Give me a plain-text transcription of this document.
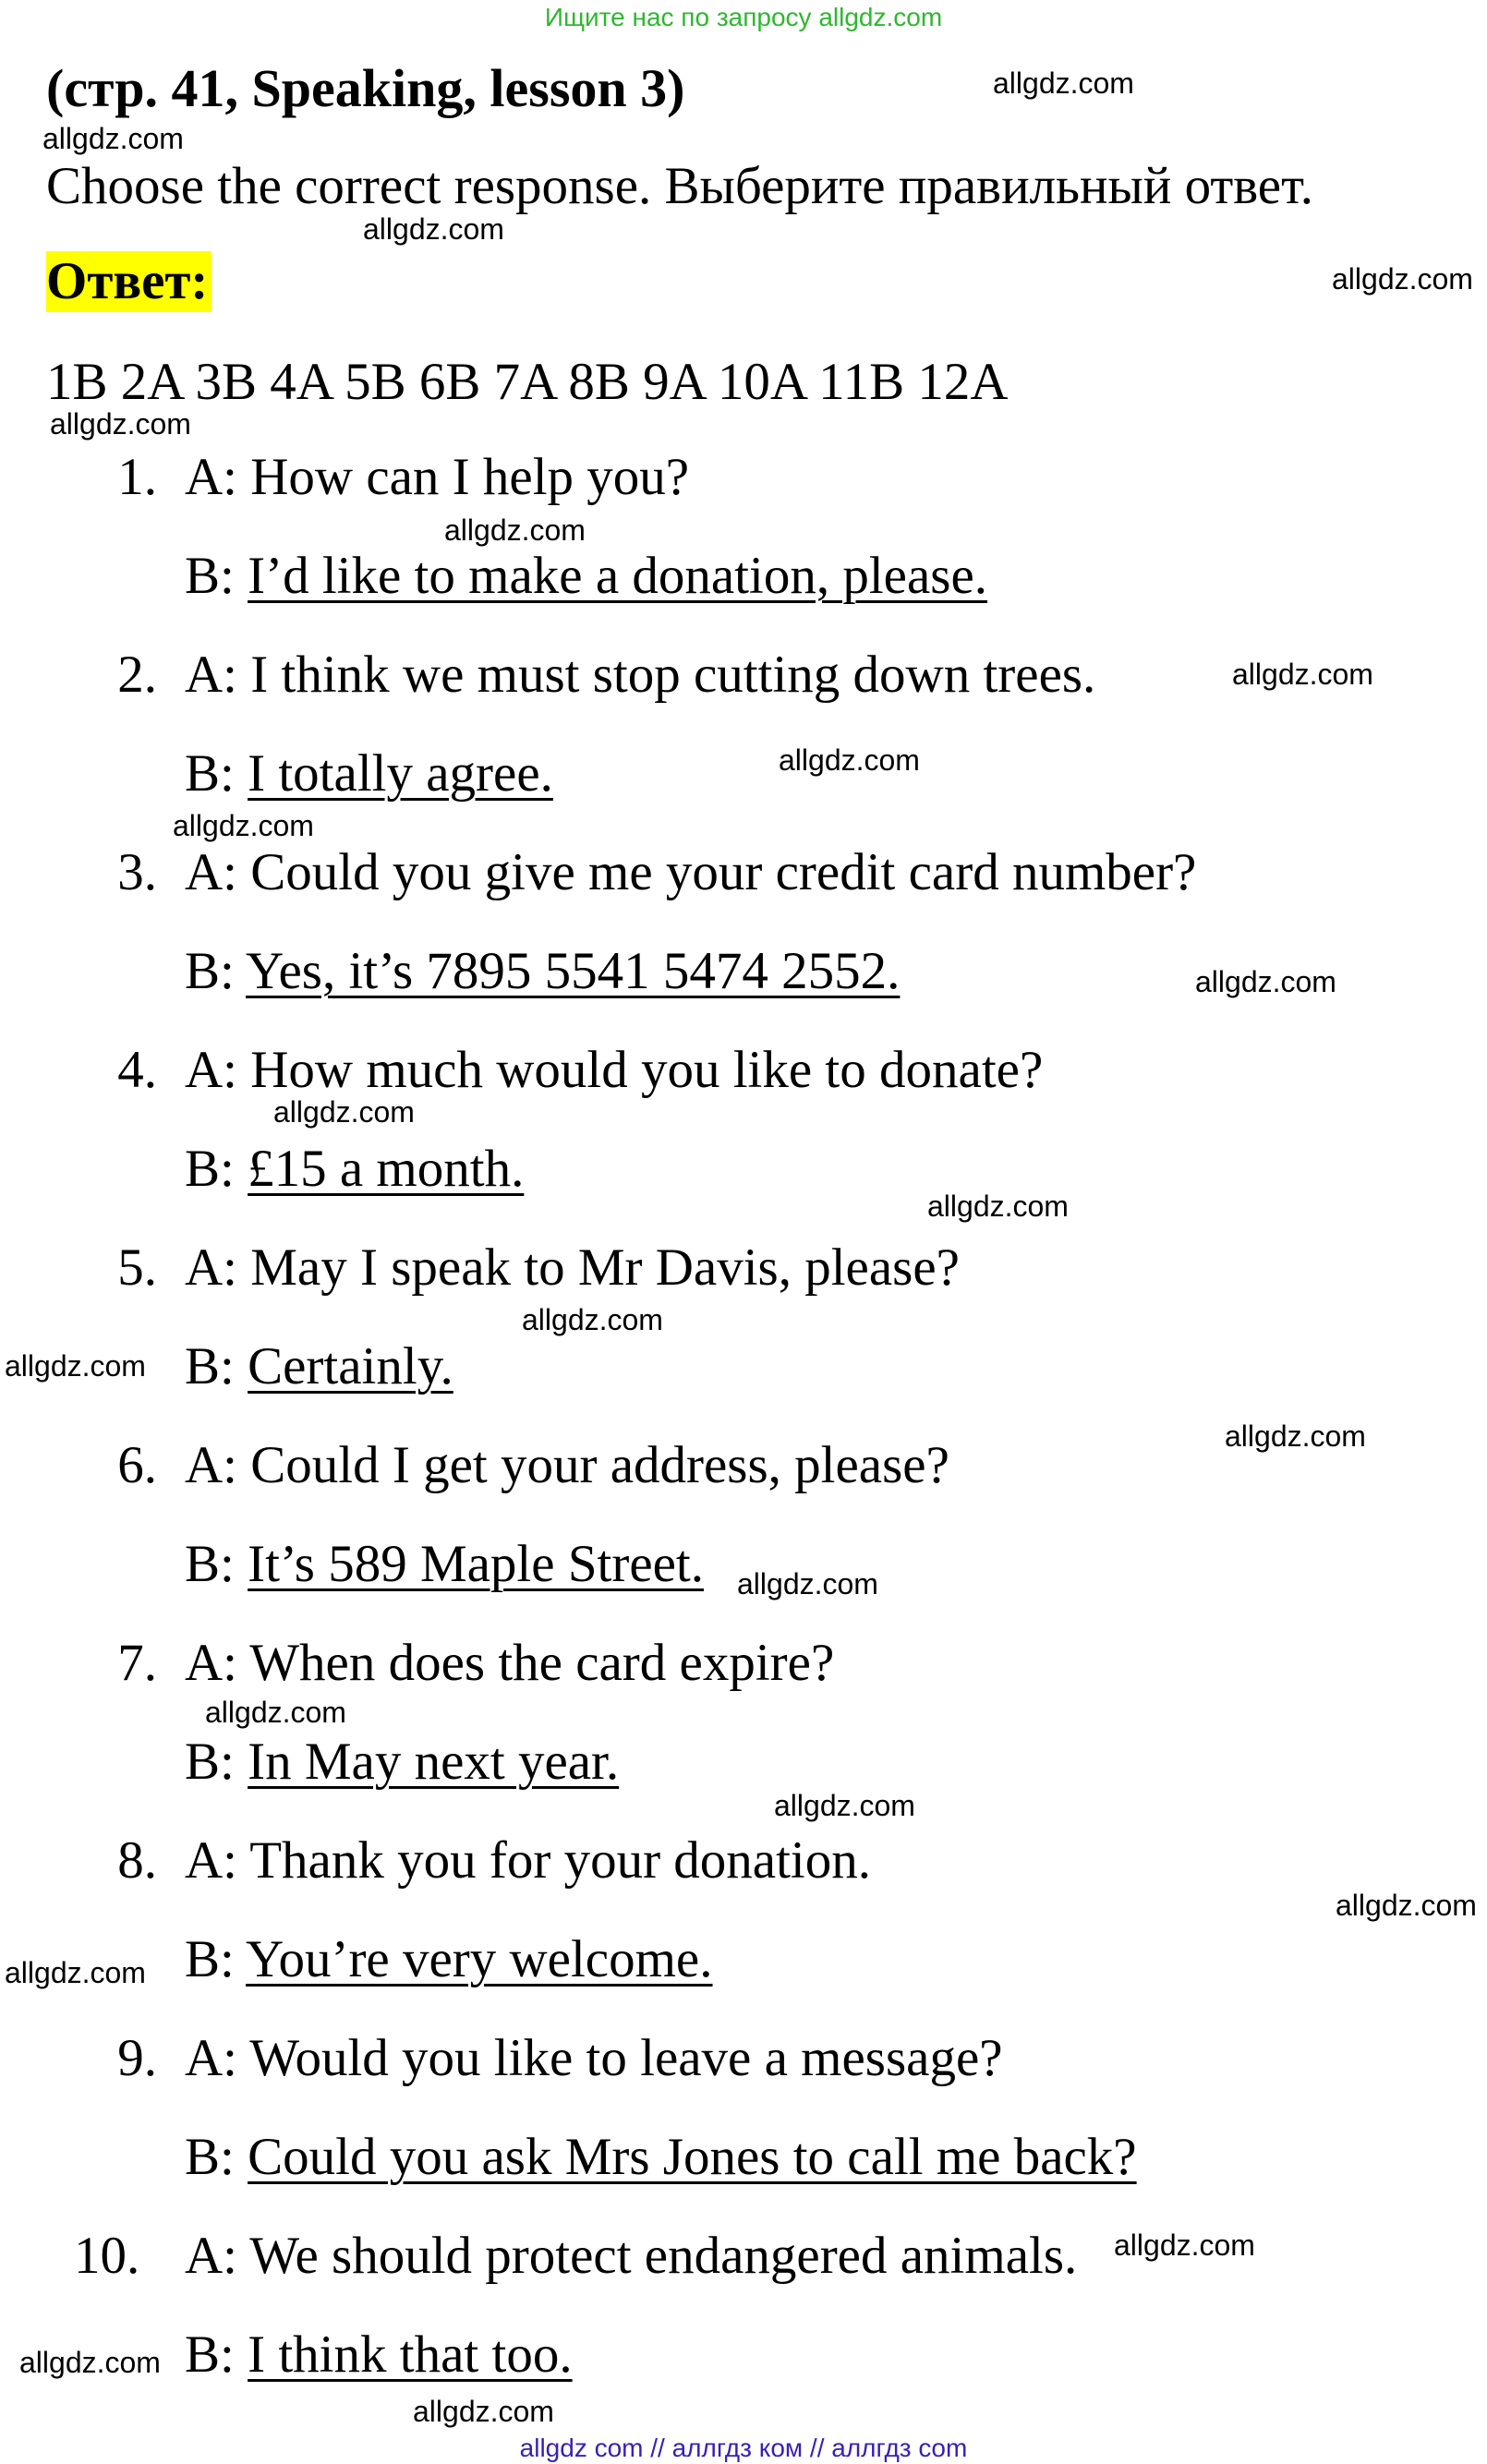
Ищите нас по запросу allgdz.com
(стр. 41, Speaking, lesson 3)
Choose the correct response. Выберите правильный ответ.
Ответ:
1B 2A 3B 4A 5B 6B 7A 8B 9A 10A 11B 12A
1. A: How can I help you?
B: I’d like to make a donation, please.
2. A: I think we must stop cutting down trees.
B: I totally agree.
3. A: Could you give me your credit card number?
B: Yes, it’s 7895 5541 5474 2552.
4. A: How much would you like to donate?
B: £15 a month.
5. A: May I speak to Mr Davis, please?
B: Certainly.
6. A: Could I get your address, please?
B: It’s 589 Maple Street.
7. A: When does the card expire?
B: In May next year.
8. A: Thank you for your donation.
B: You’re very welcome.
9. A: Would you like to leave a message?
B: Could you ask Mrs Jones to call me back?
10. A: We should protect endangered animals.
B: I think that too.
allgdz.com
allgdz.com
allgdz.com
allgdz.com
allgdz.com
allgdz.com
allgdz.com
allgdz.com
allgdz.com
allgdz.com
allgdz.com
allgdz.com
allgdz.com
allgdz.com
allgdz.com
allgdz.com
allgdz.com
allgdz.com
allgdz.com
allgdz.com
allgdz.com
allgdz.com
allgdz.com
allgdz com // аллгдз ком // аллгдз com
